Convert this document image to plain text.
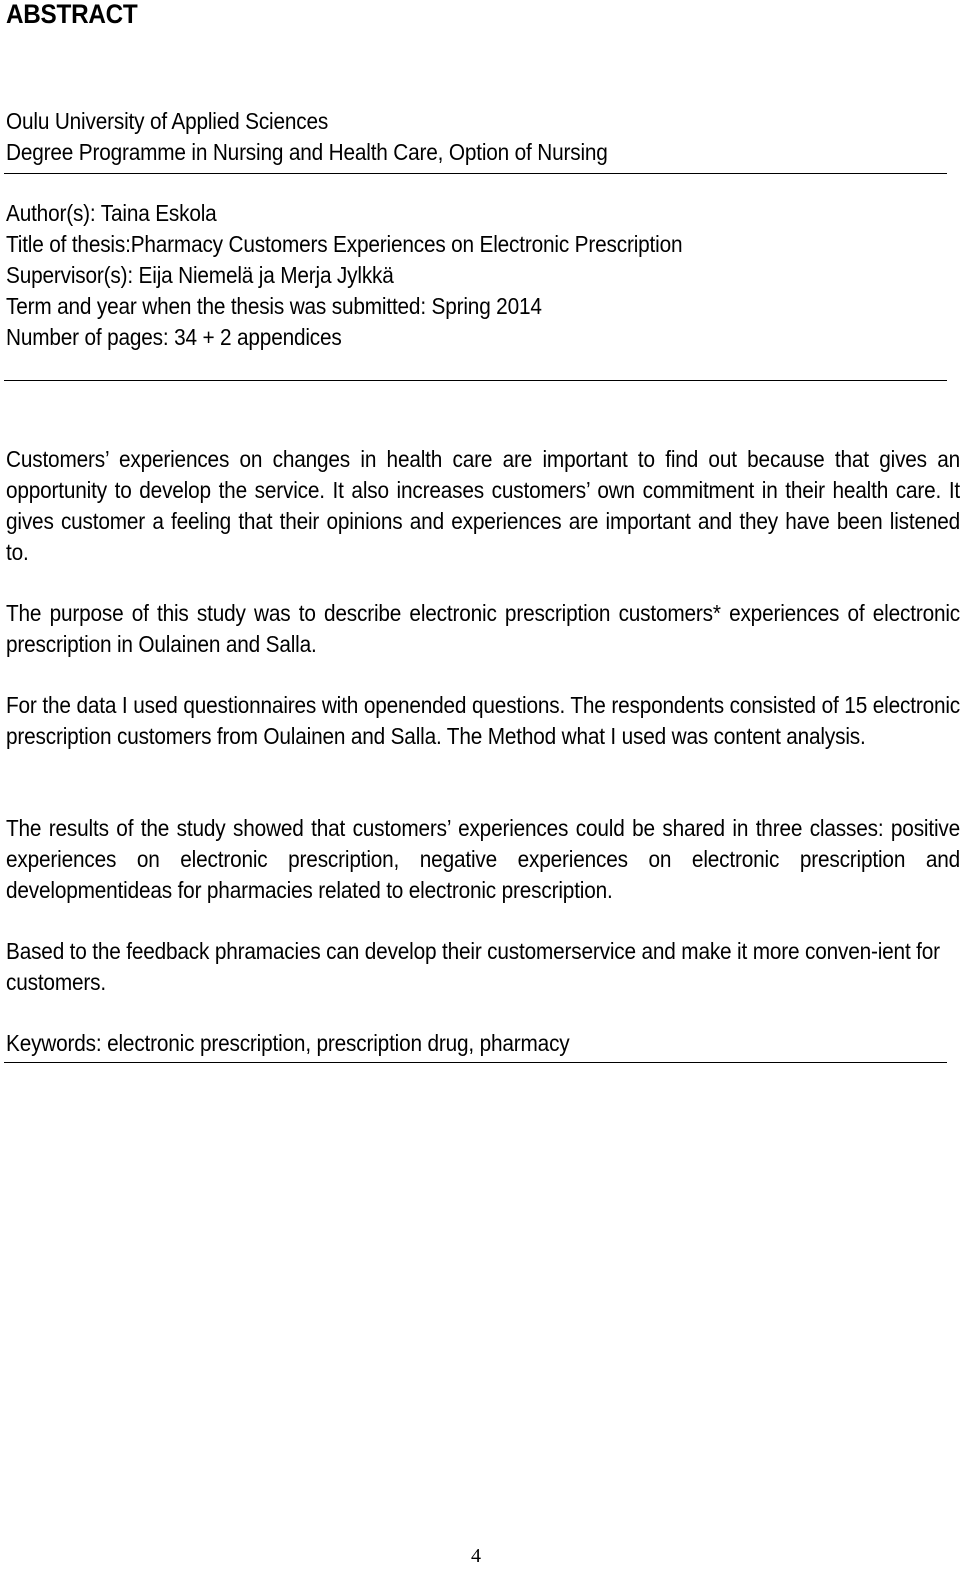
ABSTRACT
Oulu University of Applied Sciences
Degree Programme in Nursing and Health Care, Option of Nursing
Author(s): Taina Eskola
Title of thesis:Pharmacy Customers Experiences on Electronic Prescription
Supervisor(s): Eija Niemelä ja Merja Jylkkä
Term and year when the thesis was submitted: Spring 2014
Number of pages: 34 + 2 appendices

Customers’ experiences on changes in health care are important to find out because that gives an opportunity to develop the service. It also increases customers’ own commitment in their health care. It gives customer a feeling that their opinions and experiences are important and they have been listened to.

The purpose of this study was to describe electronic prescription customers* experiences of electronic prescription in Oulainen and Salla.

For the data I used questionnaires with openended questions. The respondents consisted of 15 electronic prescription customers from Oulainen and Salla. The Method what I used was content analysis.

The results of the study showed that customers’ experiences could be shared in three classes: positive experiences on electronic prescription, negative experiences on electronic prescription and developmentideas for pharmacies related to electronic prescription.

Based to the feedback phramacies can develop their customerservice and make it more conven-ient for customers.

Keywords: electronic prescription, prescription drug, pharmacy
4
